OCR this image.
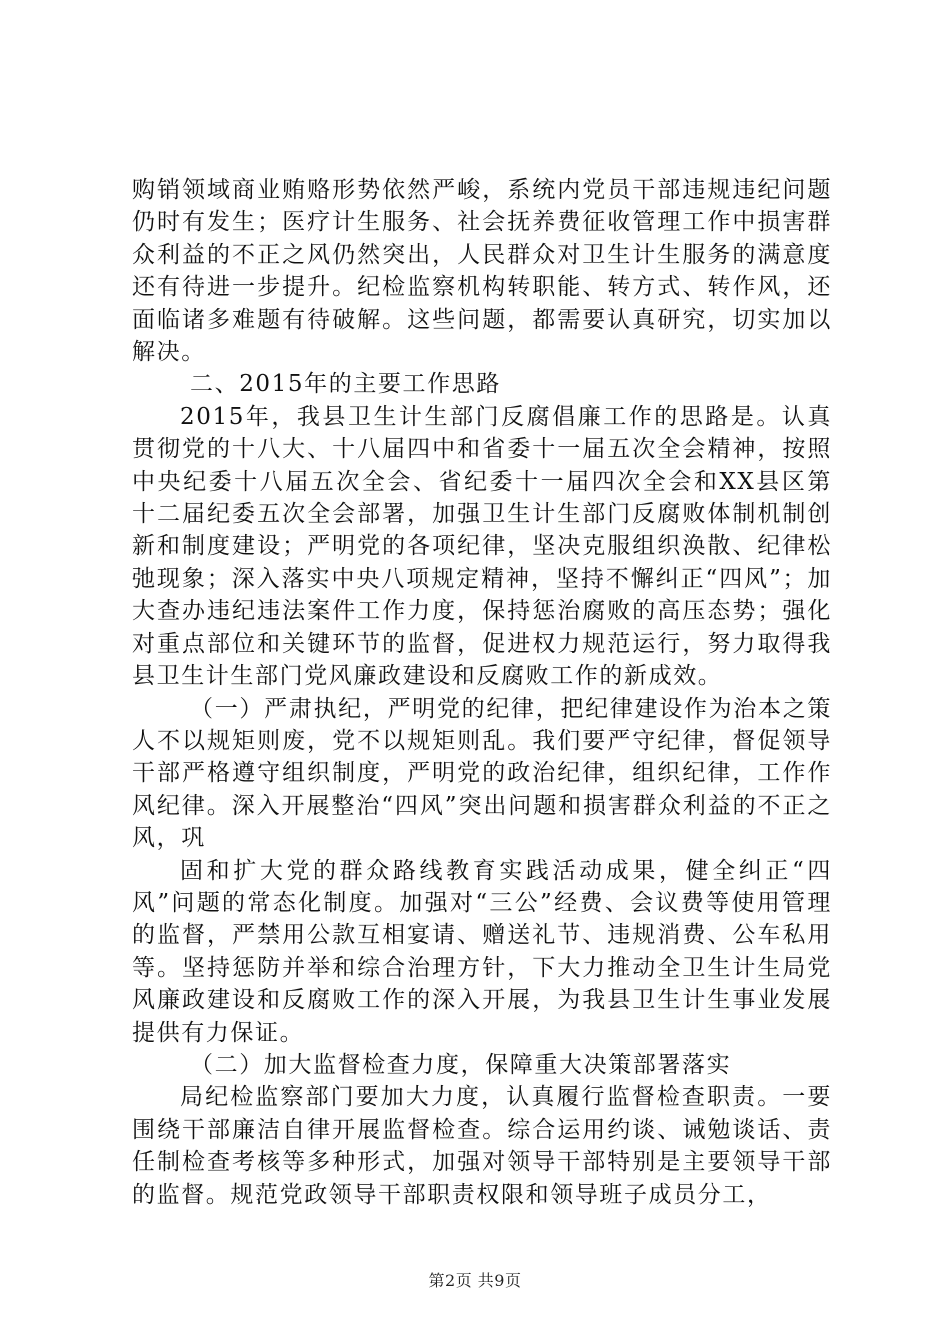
购销领域商业贿赂形势依然严峻，系统内党员干部违规违纪问题仍时有发生；医疗计生服务、社会抚养费征收管理工作中损害群众利益的不正之风仍然突出，人民群众对卫生计生服务的满意度还有待进一步提升。纪检监察机构转职能、转方式、转作风，还面临诸多难题有待破解。这些问题，都需要认真研究，切实加以解决。

二、2015年的主要工作思路

2015年，我县卫生计生部门反腐倡廉工作的思路是。认真贯彻党的十八大、十八届四中和省委十一届五次全会精神，按照中央纪委十八届五次全会、省纪委十一届四次全会和XX县区第十二届纪委五次全会部署，加强卫生计生部门反腐败体制机制创新和制度建设；严明党的各项纪律，坚决克服组织涣散、纪律松弛现象；深入落实中央八项规定精神，坚持不懈纠正“四风”；加大查办违纪违法案件工作力度，保持惩治腐败的高压态势；强化对重点部位和关键环节的监督，促进权力规范运行，努力取得我县卫生计生部门党风廉政建设和反腐败工作的新成效。

（一）严肃执纪，严明党的纪律，把纪律建设作为治本之策人不以规矩则废，党不以规矩则乱。我们要严守纪律，督促领导干部严格遵守组织制度，严明党的政治纪律，组织纪律，工作作风纪律。深入开展整治“四风”突出问题和损害群众利益的不正之风，巩

固和扩大党的群众路线教育实践活动成果，健全纠正“四风”问题的常态化制度。加强对“三公”经费、会议费等使用管理的监督，严禁用公款互相宴请、赠送礼节、违规消费、公车私用等。坚持惩防并举和综合治理方针，下大力推动全卫生计生局党风廉政建设和反腐败工作的深入开展，为我县卫生计生事业发展提供有力保证。

（二）加大监督检查力度，保障重大决策部署落实

局纪检监察部门要加大力度，认真履行监督检查职责。一要围绕干部廉洁自律开展监督检查。综合运用约谈、诫勉谈话、责任制检查考核等多种形式，加强对领导干部特别是主要领导干部的监督。规范党政领导干部职责权限和领导班子成员分工，

第2页 共9页
